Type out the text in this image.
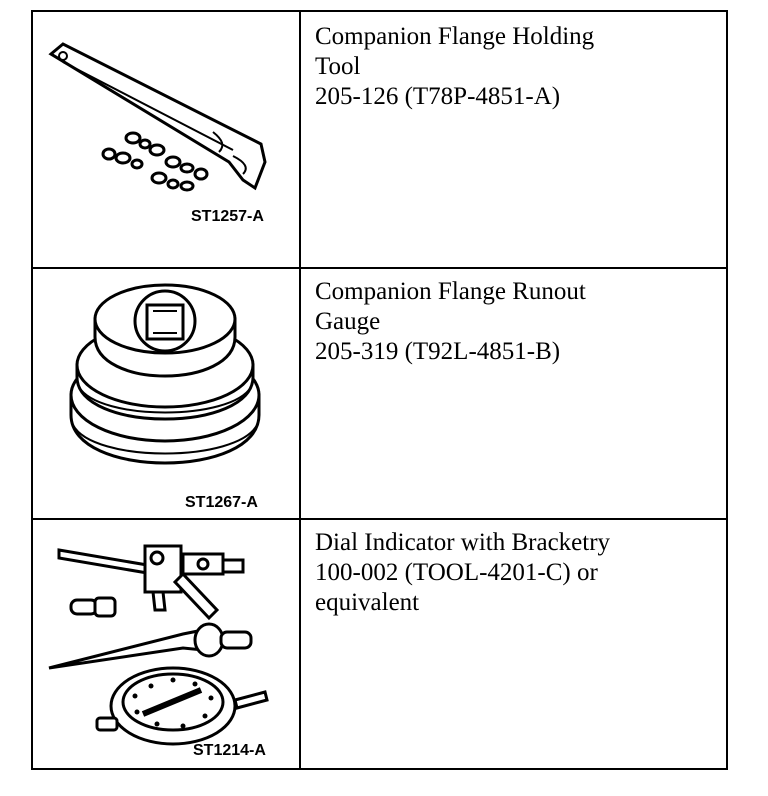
ST1257-A
Companion Flange Holding
Tool
205-126 (T78P-4851-A)
ST1267-A
Companion Flange Runout
Gauge
205-319 (T92L-4851-B)
ST1214-A
Dial Indicator with Bracketry
100-002 (TOOL-4201-C) or
equivalent
